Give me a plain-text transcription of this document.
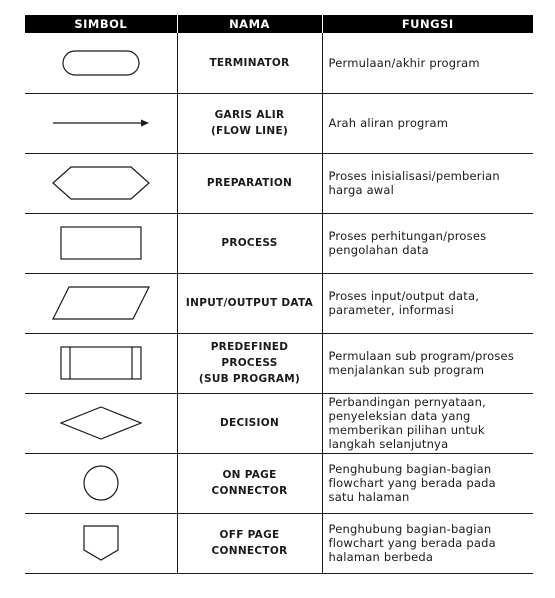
SIMBOL	NAMA	FUNGSI

TERMINATOR	Permulaan/akhir program

GARIS ALIR
(FLOW LINE)	Arah aliran program

PREPARATION	Proses inisialisasi/pemberian
harga awal

PROCESS	Proses perhitungan/proses
pengolahan data

INPUT/OUTPUT DATA	Proses input/output data,
parameter, informasi

PREDEFINED
PROCESS
(SUB PROGRAM)	Permulaan sub program/proses
menjalankan sub program

DECISION	Perbandingan pernyataan,
penyeleksian data yang
memberikan pilihan untuk
langkah selanjutnya

ON PAGE
CONNECTOR	Penghubung bagian-bagian
flowchart yang berada pada
satu halaman

OFF PAGE
CONNECTOR	Penghubung bagian-bagian
flowchart yang berada pada
halaman berbeda
